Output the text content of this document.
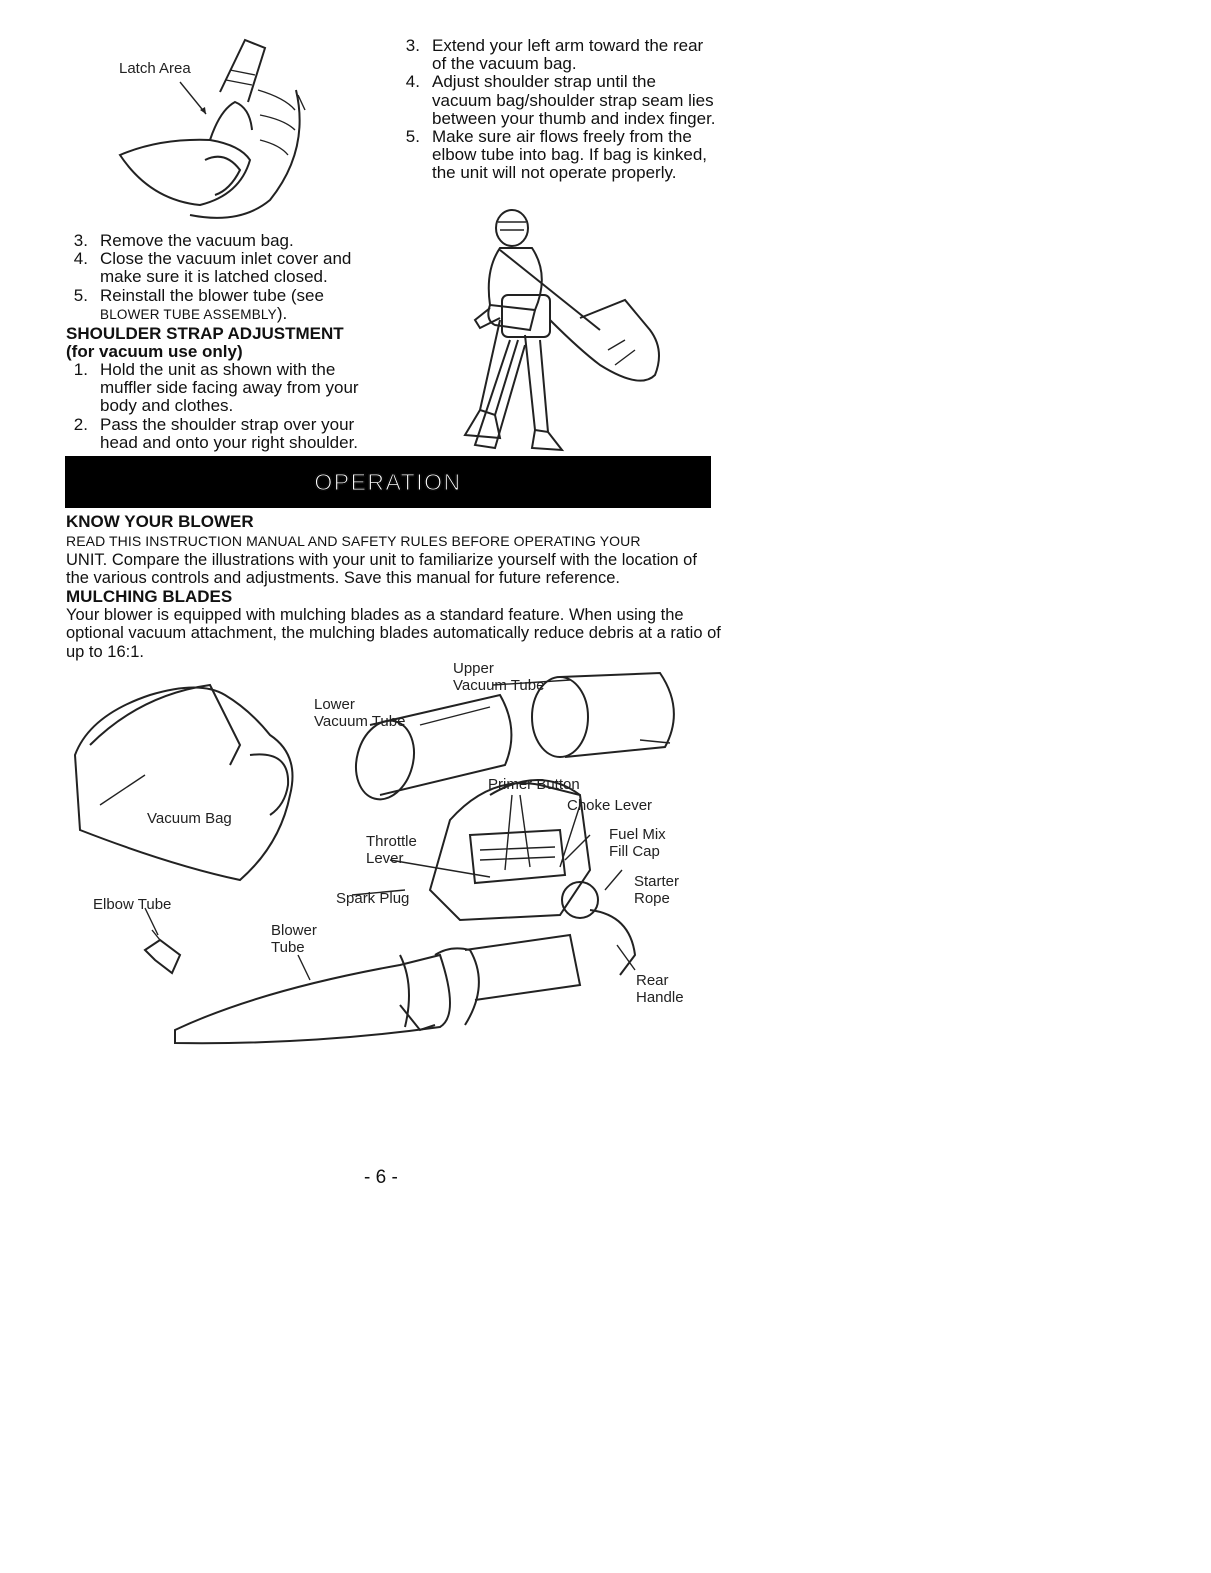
Latch Area
3 . Remove the vacuum bag.
4 . Close the vacuum inlet cover and make sure it is latched closed.
5 . Reinstall the blower tube (see
BLOWER TUBE ASSEMBLY).
SHOULDER STRAP ADJUSTMENT
(for vacuum use only)
1 . Hold the unit as shown with the muffler side facing away from your body and clothes.
2 . Pass the shoulder strap over your head and onto your right shoulder.
3 . Extend your left arm toward the rear of the vacuum bag.
4 . Adjust shoulder strap until the vacuum bag/shoulder strap seam lies between your thumb and index finger.
5 . Make sure air flows freely from the elbow tube into bag. If bag is kinked, the unit will not operate properly.
OPERATION
KNOW YOUR BLOWER
READ THIS INSTRUCTION MANUAL AND SAFETY RULES BEFORE OPERATING YOUR
UNIT. Compare the illustrations with your unit to familiarize yourself with the location of the various controls and adjustments. Save this manual for future reference.
MULCHING BLADES
Your blower is equipped with mulching blades as a standard feature. When using the optional vacuum attachment, the mulching blades automatically reduce debris at a ratio of up to 16:1.
Upper
Vacuum Tube
Lower
Vacuum Tube
Vacuum Bag
Primer Button
Choke Lever
Fuel Mix
Fill Cap
Throttle
Lever
Starter
Rope
Spark Plug
Elbow Tube
Blower
Tube
Rear
Handle
- 6 -
